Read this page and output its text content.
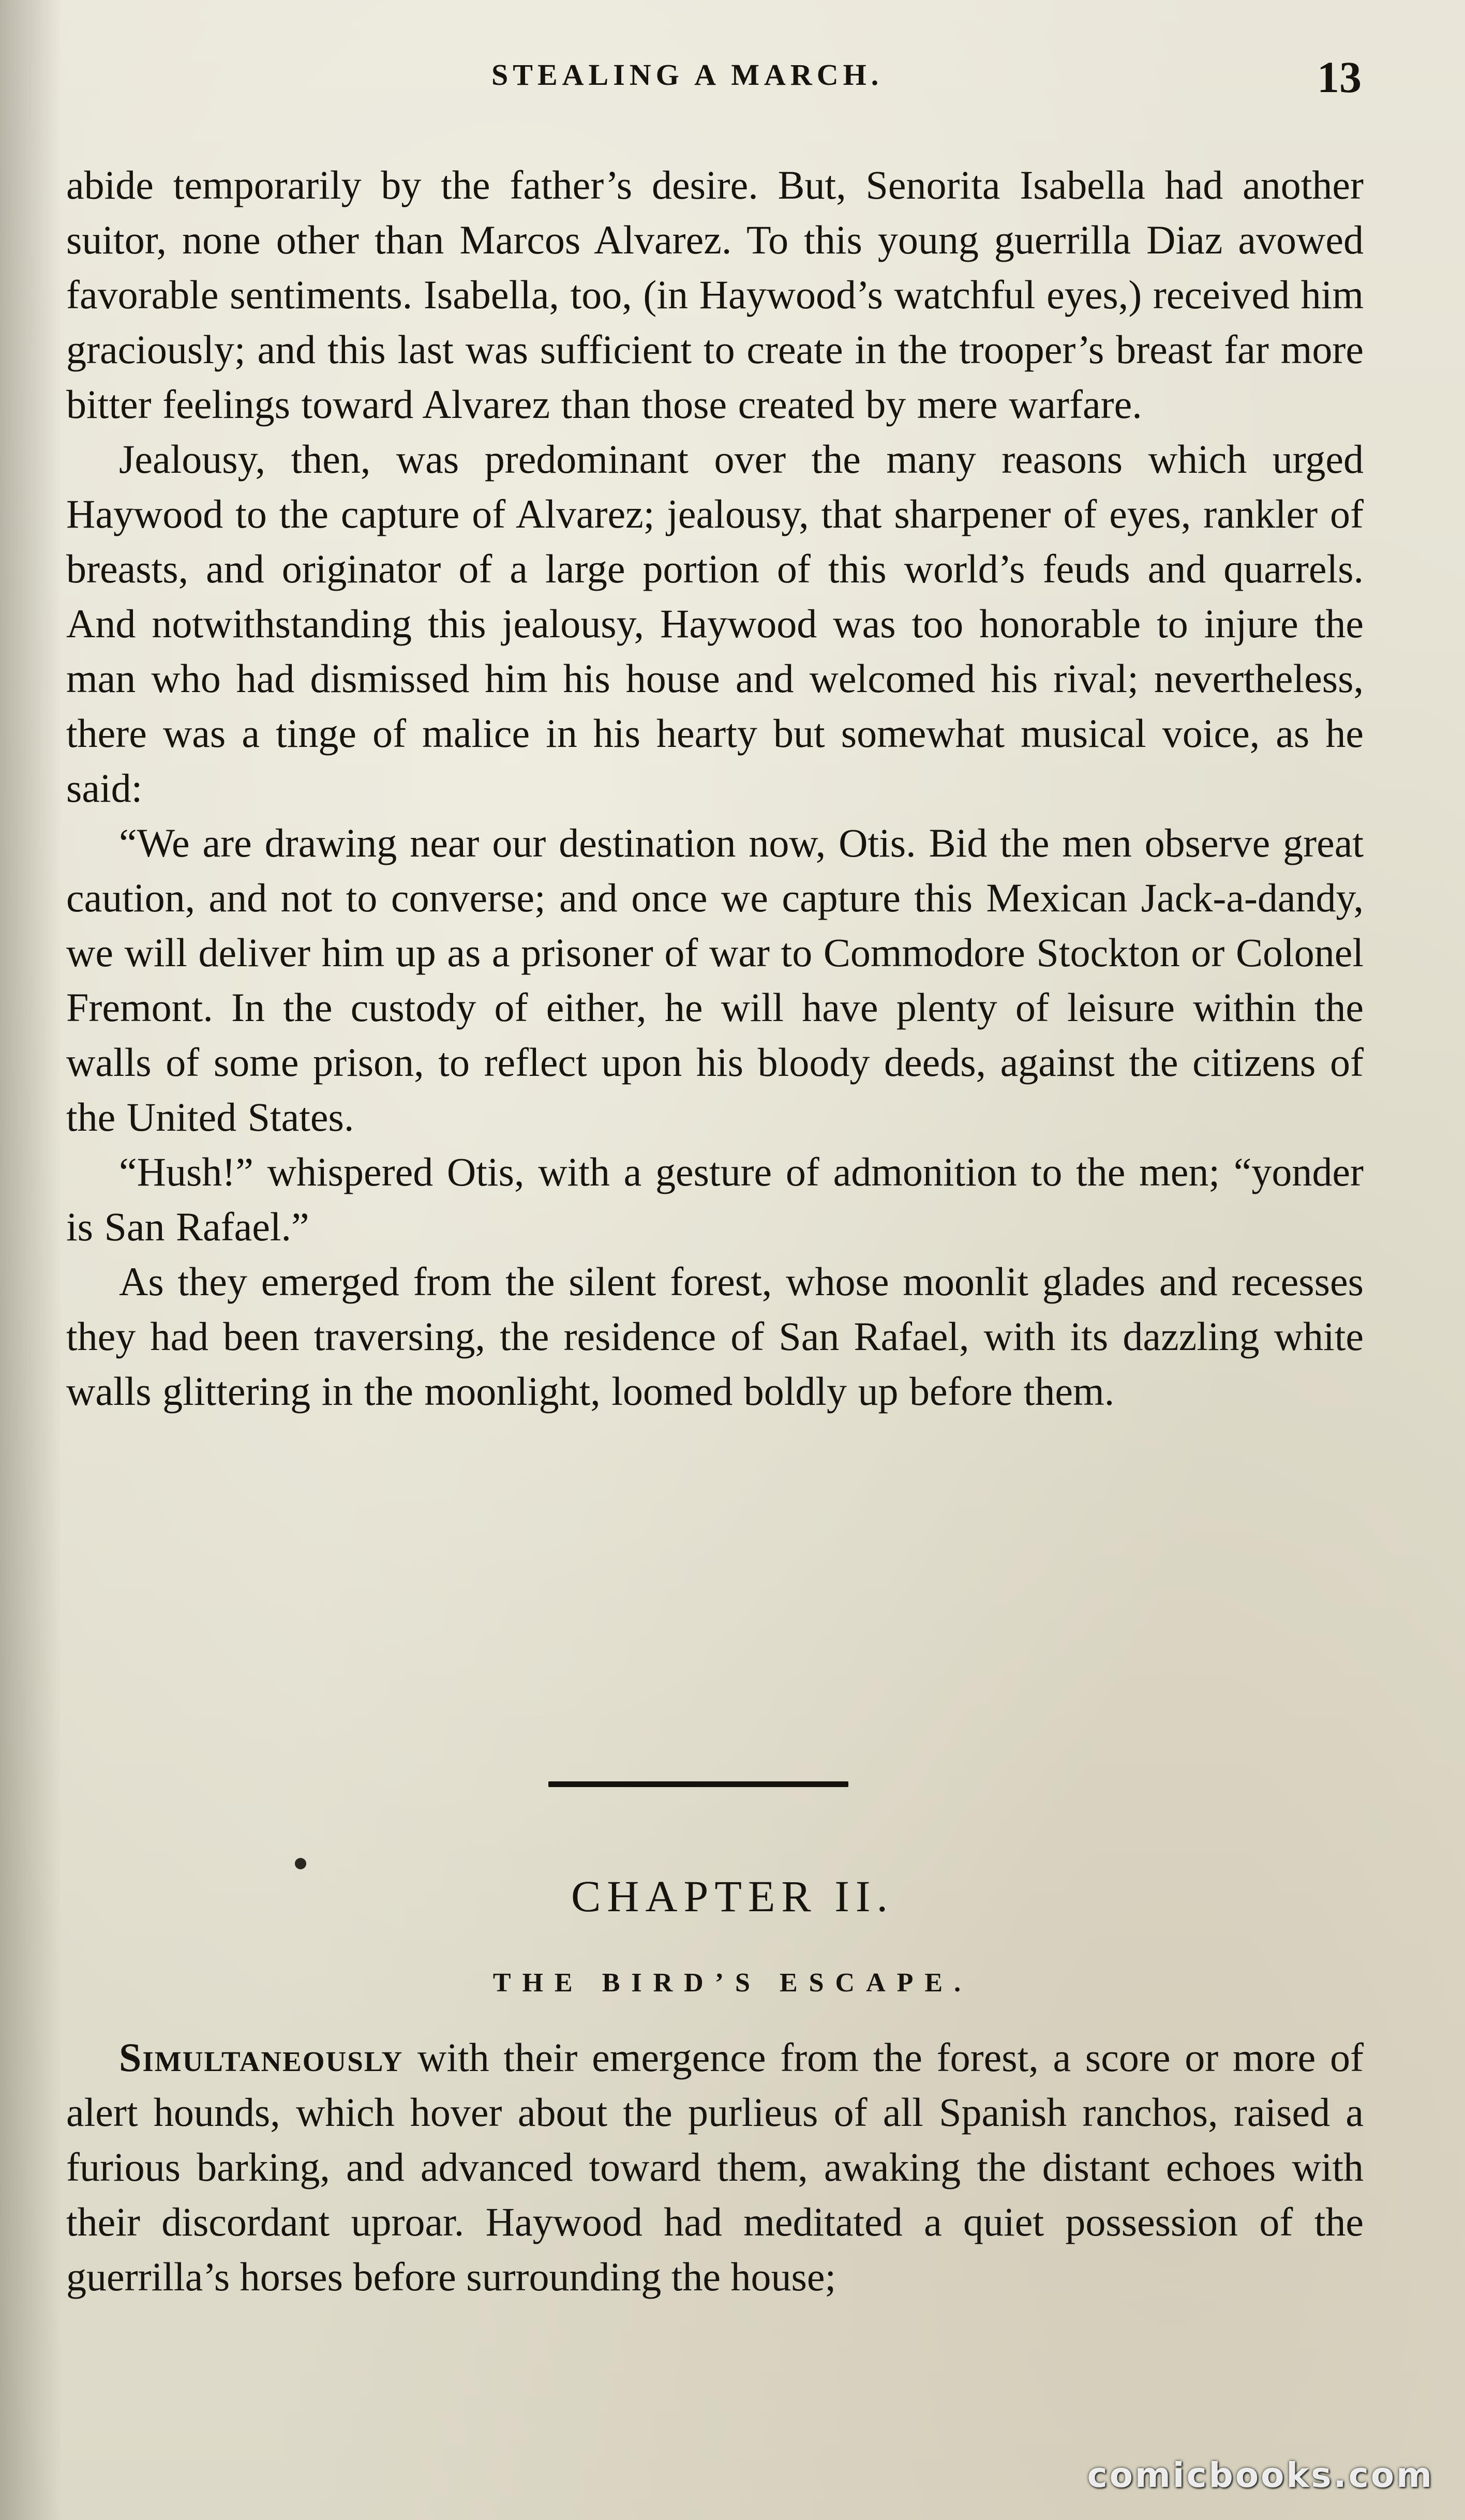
STEALING A MARCH.	13

abide temporarily by the father’s desire. But, Senorita Isabella had another suitor, none other than Marcos Alvarez. To this young guerrilla Diaz avowed favorable sentiments. Isabella, too, (in Haywood’s watchful eyes,) received him graciously; and this last was sufficient to create in the trooper’s breast far more bitter feelings toward Alvarez than those created by mere warfare.

Jealousy, then, was predominant over the many reasons which urged Haywood to the capture of Alvarez; jealousy, that sharpener of eyes, rankler of breasts, and originator of a large portion of this world’s feuds and quarrels. And notwithstanding this jealousy, Haywood was too honorable to injure the man who had dismissed him his house and welcomed his rival; nevertheless, there was a tinge of malice in his hearty but somewhat musical voice, as he said:

“We are drawing near our destination now, Otis. Bid the men observe great caution, and not to converse; and once we capture this Mexican Jack-a-dandy, we will deliver him up as a prisoner of war to Commodore Stockton or Colonel Fremont. In the custody of either, he will have plenty of leisure within the walls of some prison, to reflect upon his bloody deeds, against the citizens of the United States.

“Hush!” whispered Otis, with a gesture of admonition to the men; “yonder is San Rafael.”

As they emerged from the silent forest, whose moonlit glades and recesses they had been traversing, the residence of San Rafael, with its dazzling white walls glittering in the moonlight, loomed boldly up before them.

CHAPTER II.
THE BIRD’S ESCAPE.

Simultaneously with their emergence from the forest, a score or more of alert hounds, which hover about the purlieus of all Spanish ranchos, raised a furious barking, and advanced toward them, awaking the distant echoes with their discordant uproar. Haywood had meditated a quiet possession of the guerrilla’s horses before surrounding the house;

comicbooks.com
